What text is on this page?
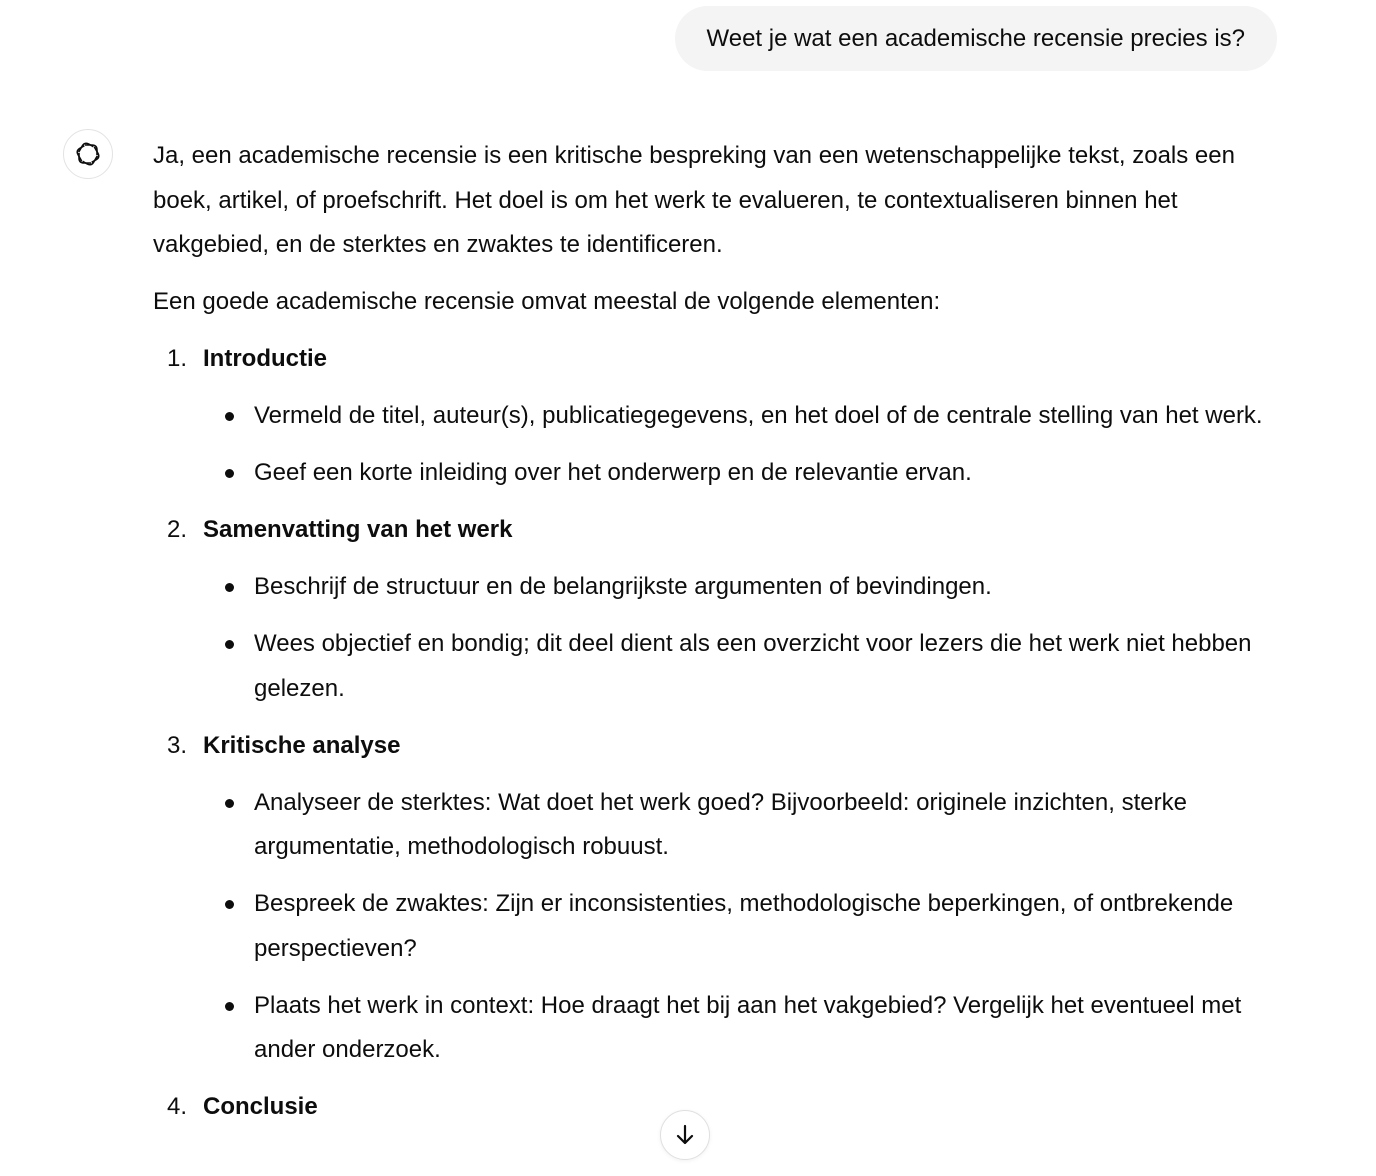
Weet je wat een academische recensie precies is?

Ja, een academische recensie is een kritische bespreking van een wetenschappelijke tekst, zoals een boek, artikel, of proefschrift. Het doel is om het werk te evalueren, te contextualiseren binnen het vakgebied, en de sterktes en zwaktes te identificeren.

Een goede academische recensie omvat meestal de volgende elementen:

1. Introductie
Vermeld de titel, auteur(s), publicatiegegevens, en het doel of de centrale stelling van het werk.
Geef een korte inleiding over het onderwerp en de relevantie ervan.
2. Samenvatting van het werk
Beschrijf de structuur en de belangrijkste argumenten of bevindingen.
Wees objectief en bondig; dit deel dient als een overzicht voor lezers die het werk niet hebben gelezen.
3. Kritische analyse
Analyseer de sterktes: Wat doet het werk goed? Bijvoorbeeld: originele inzichten, sterke argumentatie, methodologisch robuust.
Bespreek de zwaktes: Zijn er inconsistenties, methodologische beperkingen, of ontbrekende perspectieven?
Plaats het werk in context: Hoe draagt het bij aan het vakgebied? Vergelijk het eventueel met ander onderzoek.
4. Conclusie
